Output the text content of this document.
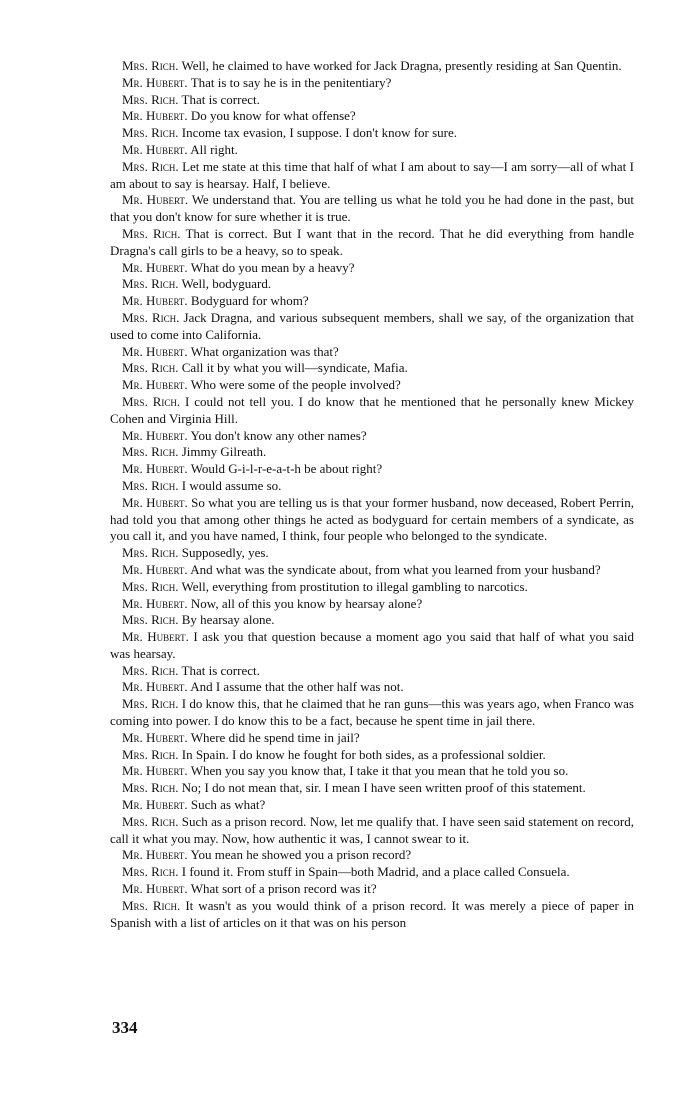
Mrs. Rich. Well, he claimed to have worked for Jack Dragna, presently residing at San Quentin.

Mr. Hubert. That is to say he is in the penitentiary?

Mrs. Rich. That is correct.

Mr. Hubert. Do you know for what offense?

Mrs. Rich. Income tax evasion, I suppose. I don't know for sure.

Mr. Hubert. All right.

Mrs. Rich. Let me state at this time that half of what I am about to say—I am sorry—all of what I am about to say is hearsay. Half, I believe.

Mr. Hubert. We understand that. You are telling us what he told you he had done in the past, but that you don't know for sure whether it is true.

Mrs. Rich. That is correct. But I want that in the record. That he did everything from handle Dragna's call girls to be a heavy, so to speak.

Mr. Hubert. What do you mean by a heavy?

Mrs. Rich. Well, bodyguard.

Mr. Hubert. Bodyguard for whom?

Mrs. Rich. Jack Dragna, and various subsequent members, shall we say, of the organization that used to come into California.

Mr. Hubert. What organization was that?

Mrs. Rich. Call it by what you will—syndicate, Mafia.

Mr. Hubert. Who were some of the people involved?

Mrs. Rich. I could not tell you. I do know that he mentioned that he personally knew Mickey Cohen and Virginia Hill.

Mr. Hubert. You don't know any other names?

Mrs. Rich. Jimmy Gilreath.

Mr. Hubert. Would G-i-l-r-e-a-t-h be about right?

Mrs. Rich. I would assume so.

Mr. Hubert. So what you are telling us is that your former husband, now deceased, Robert Perrin, had told you that among other things he acted as bodyguard for certain members of a syndicate, as you call it, and you have named, I think, four people who belonged to the syndicate.

Mrs. Rich. Supposedly, yes.

Mr. Hubert. And what was the syndicate about, from what you learned from your husband?

Mrs. Rich. Well, everything from prostitution to illegal gambling to narcotics.

Mr. Hubert. Now, all of this you know by hearsay alone?

Mrs. Rich. By hearsay alone.

Mr. Hubert. I ask you that question because a moment ago you said that half of what you said was hearsay.

Mrs. Rich. That is correct.

Mr. Hubert. And I assume that the other half was not.

Mrs. Rich. I do know this, that he claimed that he ran guns—this was years ago, when Franco was coming into power. I do know this to be a fact, because he spent time in jail there.

Mr. Hubert. Where did he spend time in jail?

Mrs. Rich. In Spain. I do know he fought for both sides, as a professional soldier.

Mr. Hubert. When you say you know that, I take it that you mean that he told you so.

Mrs. Rich. No; I do not mean that, sir. I mean I have seen written proof of this statement.

Mr. Hubert. Such as what?

Mrs. Rich. Such as a prison record. Now, let me qualify that. I have seen said statement on record, call it what you may. Now, how authentic it was, I cannot swear to it.

Mr. Hubert. You mean he showed you a prison record?

Mrs. Rich. I found it. From stuff in Spain—both Madrid, and a place called Consuela.

Mr. Hubert. What sort of a prison record was it?

Mrs. Rich. It wasn't as you would think of a prison record. It was merely a piece of paper in Spanish with a list of articles on it that was on his person

334
